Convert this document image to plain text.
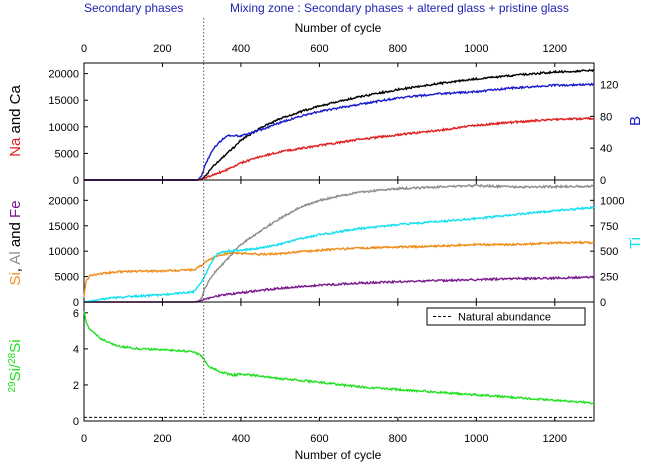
Secondary phases	Mixing zone : Secondary phases + altered glass + pristine glass
Number of cycle
0	200	400	600	800	1000	1200
0
5000
10000
15000
20000
0
40
80
120
0
5000
10000
15000
20000
0
250
500
750
1000
0
2
4
6
0	200	400	600	800	1000	1200
Number of cycle
Na and Ca
Si, Al and Fe
$^{29}$Si/$^{28}$Si
B
Ti
Natural abundance
